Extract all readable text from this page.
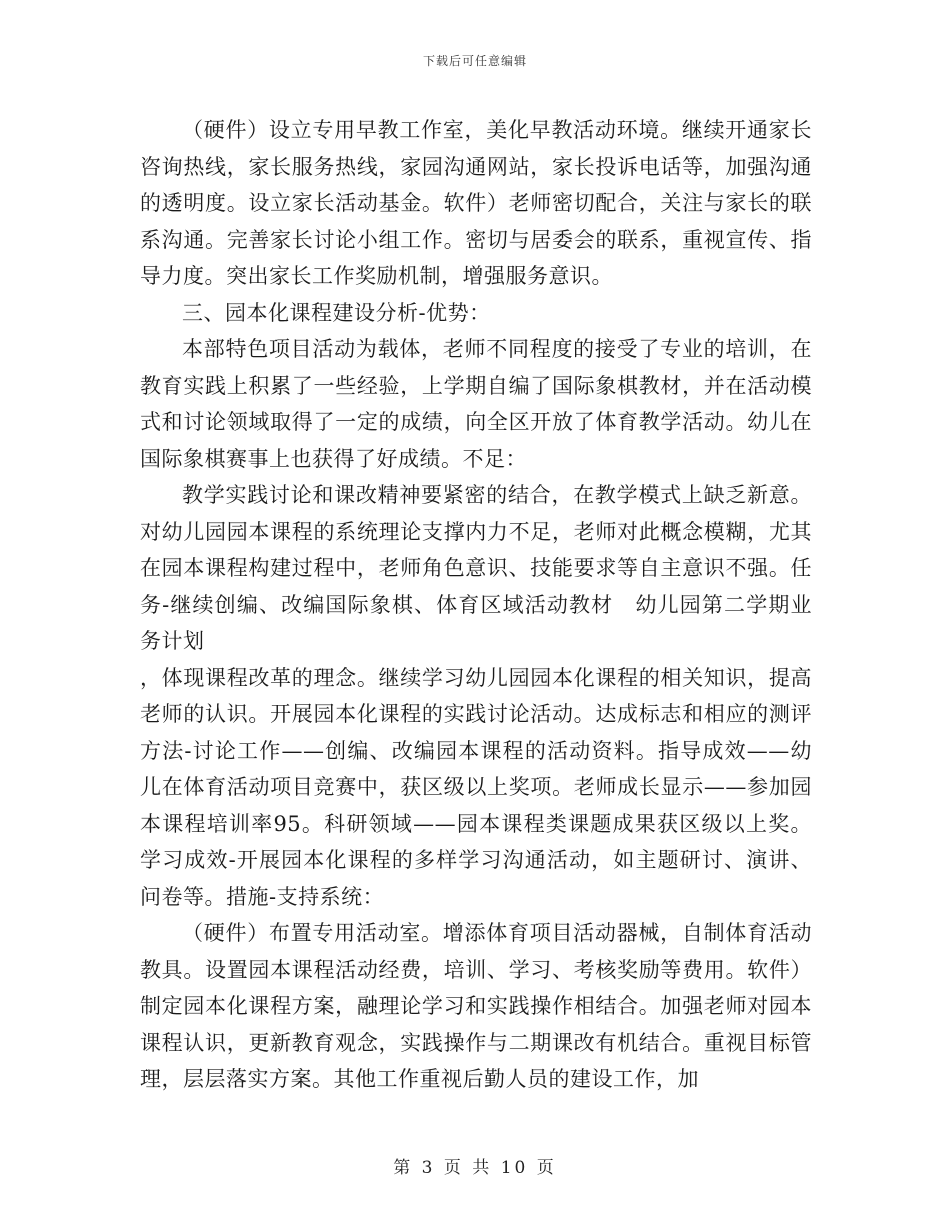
下载后可任意编辑

（硬件）设立专用早教工作室，美化早教活动环境。继续开通家长咨询热线，家长服务热线，家园沟通网站，家长投诉电话等，加强沟通的透明度。设立家长活动基金。软件）老师密切配合，关注与家长的联系沟通。完善家长讨论小组工作。密切与居委会的联系，重视宣传、指导力度。突出家长工作奖励机制，增强服务意识。

三、园本化课程建设分析-优势：

本部特色项目活动为载体，老师不同程度的接受了专业的培训，在教育实践上积累了一些经验，上学期自编了国际象棋教材，并在活动模式和讨论领域取得了一定的成绩，向全区开放了体育教学活动。幼儿在国际象棋赛事上也获得了好成绩。不足：

教学实践讨论和课改精神要紧密的结合，在教学模式上缺乏新意。对幼儿园园本课程的系统理论支撑内力不足，老师对此概念模糊，尤其在园本课程构建过程中，老师角色意识、技能要求等自主意识不强。任务-继续创编、改编国际象棋、体育区域活动教材　幼儿园第二学期业务计划

，体现课程改革的理念。继续学习幼儿园园本化课程的相关知识，提高老师的认识。开展园本化课程的实践讨论活动。达成标志和相应的测评方法-讨论工作——创编、改编园本课程的活动资料。指导成效——幼儿在体育活动项目竞赛中，获区级以上奖项。老师成长显示——参加园本课程培训率95。科研领域——园本课程类课题成果获区级以上奖。学习成效-开展园本化课程的多样学习沟通活动，如主题研讨、演讲、问卷等。措施-支持系统：

（硬件）布置专用活动室。增添体育项目活动器械，自制体育活动教具。设置园本课程活动经费，培训、学习、考核奖励等费用。软件）制定园本化课程方案，融理论学习和实践操作相结合。加强老师对园本课程认识，更新教育观念，实践操作与二期课改有机结合。重视目标管理，层层落实方案。其他工作重视后勤人员的建设工作，加

第 3 页 共 10 页
